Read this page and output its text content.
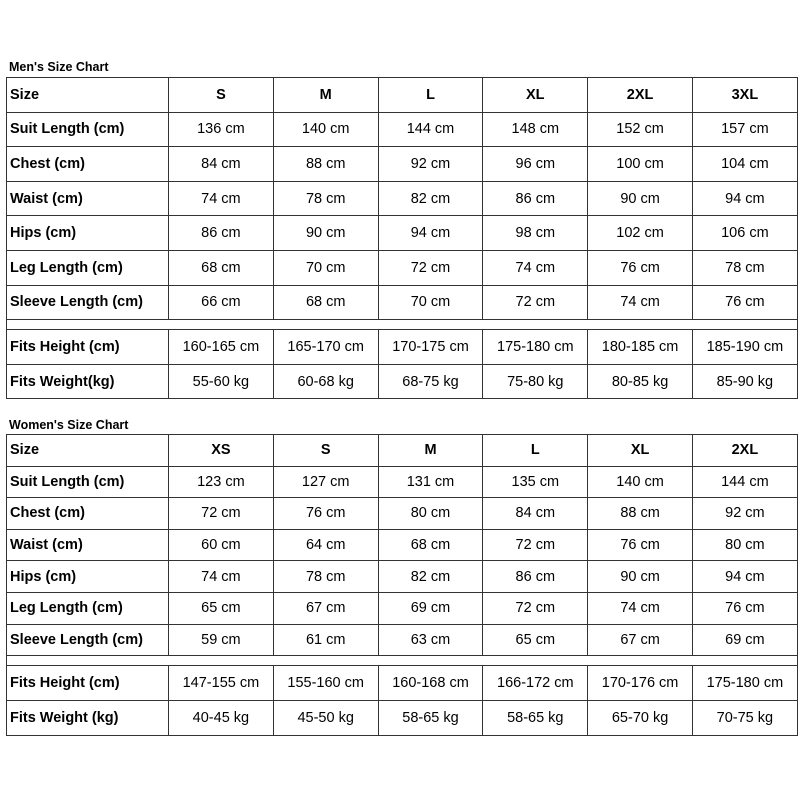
Men's Size Chart
Size	S	M	L	XL	2XL	3XL
Suit Length (cm)	136 cm	140 cm	144 cm	148 cm	152 cm	157 cm
Chest (cm)	84 cm	88 cm	92 cm	96 cm	100 cm	104 cm
Waist (cm)	74 cm	78 cm	82 cm	86 cm	90 cm	94 cm
Hips (cm)	86 cm	90 cm	94 cm	98 cm	102 cm	106 cm
Leg Length (cm)	68 cm	70 cm	72 cm	74 cm	76 cm	78 cm
Sleeve Length (cm)	66 cm	68 cm	70 cm	72 cm	74 cm	76 cm

Fits Height (cm)	160-165 cm	165-170 cm	170-175 cm	175-180 cm	180-185 cm	185-190 cm
Fits Weight(kg)	55-60 kg	60-68 kg	68-75 kg	75-80 kg	80-85 kg	85-90 kg
Women's Size Chart
Size	XS	S	M	L	XL	2XL
Suit Length (cm)	123 cm	127 cm	131 cm	135 cm	140 cm	144 cm
Chest (cm)	72 cm	76 cm	80 cm	84 cm	88 cm	92 cm
Waist (cm)	60 cm	64 cm	68 cm	72 cm	76 cm	80 cm
Hips (cm)	74 cm	78 cm	82 cm	86 cm	90 cm	94 cm
Leg Length (cm)	65 cm	67 cm	69 cm	72 cm	74 cm	76 cm
Sleeve Length (cm)	59 cm	61 cm	63 cm	65 cm	67 cm	69 cm

Fits Height (cm)	147-155 cm	155-160 cm	160-168 cm	166-172 cm	170-176 cm	175-180 cm
Fits Weight (kg)	40-45 kg	45-50 kg	58-65 kg	58-65 kg	65-70 kg	70-75 kg
